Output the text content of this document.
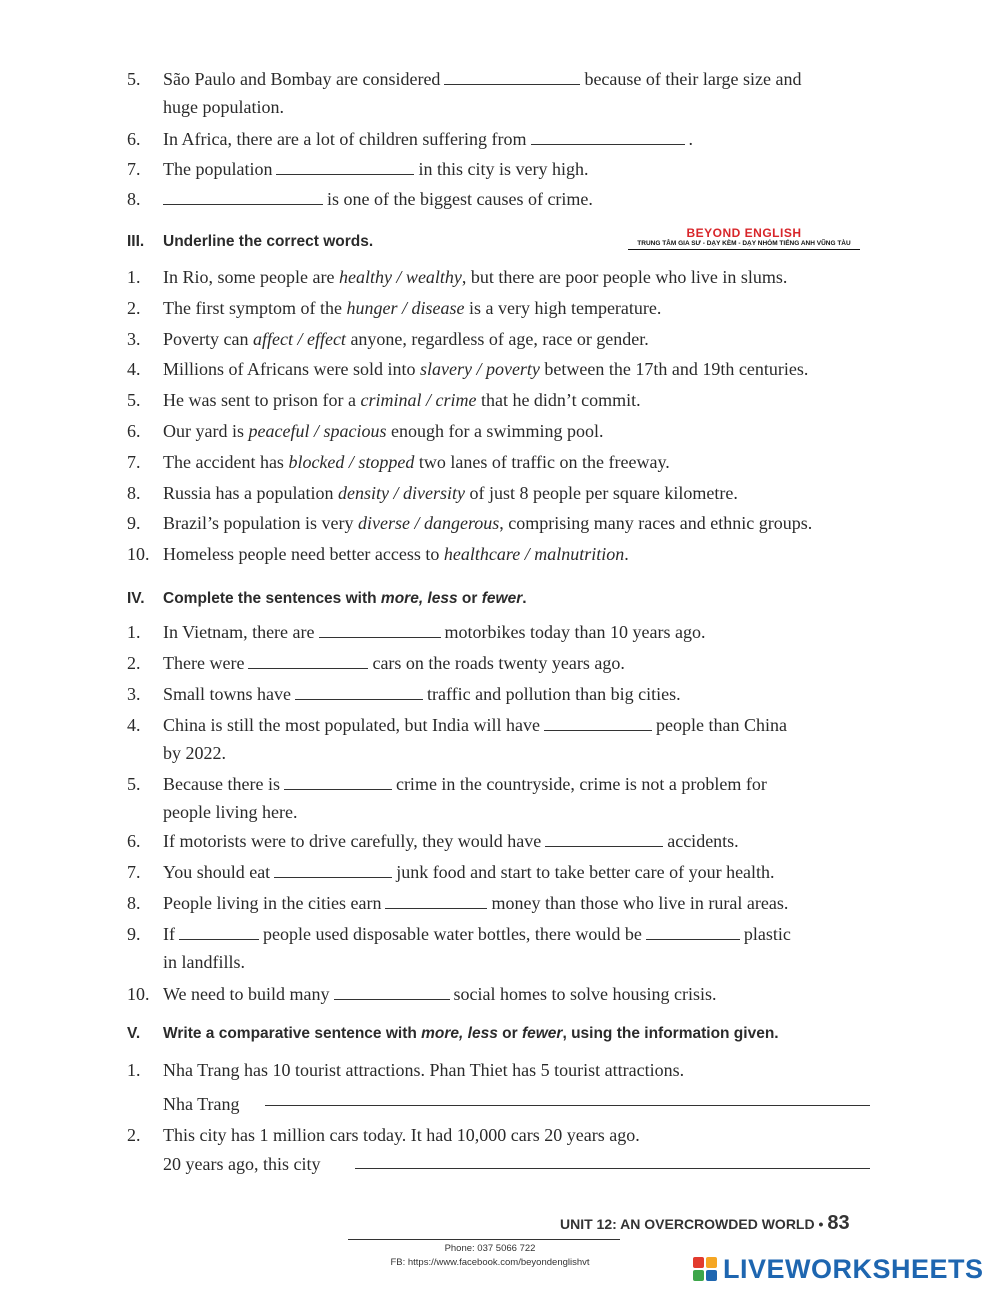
5. São Paulo and Bombay are considered	because of their large size and
huge population.
6. In Africa, there are a lot of children suffering from	.
7. The population	in this city is very high.
8.	is one of the biggest causes of crime.
III. Underline the correct words.	BEYOND ENGLISH
TRUNG TÂM GIA SƯ - DẠY KÈM - DẠY NHÓM TIẾNG ANH VŨNG TÀU
1. In Rio, some people are healthy / wealthy, but there are poor people who live in slums.
2. The first symptom of the hunger / disease is a very high temperature.
3. Poverty can affect / effect anyone, regardless of age, race or gender.
4. Millions of Africans were sold into slavery / poverty between the 17th and 19th centuries.
5. He was sent to prison for a criminal / crime that he didn’t commit.
6. Our yard is peaceful / spacious enough for a swimming pool.
7. The accident has blocked / stopped two lanes of traffic on the freeway.
8. Russia has a population density / diversity of just 8 people per square kilometre.
9. Brazil’s population is very diverse / dangerous, comprising many races and ethnic groups.
10. Homeless people need better access to healthcare / malnutrition.
IV. Complete the sentences with more, less or fewer.
1. In Vietnam, there are	motorbikes today than 10 years ago.
2. There were	cars on the roads twenty years ago.
3. Small towns have	traffic and pollution than big cities.
4. China is still the most populated, but India will have	people than China
by 2022.
5. Because there is	crime in the countryside, crime is not a problem for
people living here.
6. If motorists were to drive carefully, they would have	accidents.
7. You should eat	junk food and start to take better care of your health.
8. People living in the cities earn	money than those who live in rural areas.
9. If	people used disposable water bottles, there would be	plastic
in landfills.
10. We need to build many	social homes to solve housing crisis.
V. Write a comparative sentence with more, less or fewer, using the information given.
1. Nha Trang has 10 tourist attractions. Phan Thiet has 5 tourist attractions.
Nha Trang
2. This city has 1 million cars today. It had 10,000 cars 20 years ago.
20 years ago, this city
UNIT 12: AN OVERCROWDED WORLD • 83
Phone: 037 5066 722
FB: https://www.facebook.com/beyondenglishvt	LIVEWORKSHEETS
